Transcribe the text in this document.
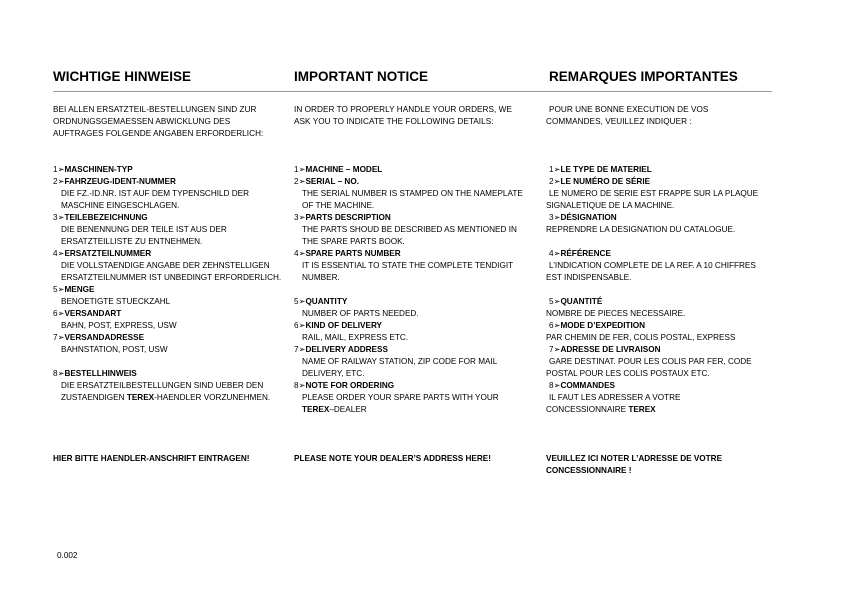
WICHTIGE HINWEISE

BEI ALLEN ERSATZTEIL-BESTELLUNGEN SIND ZUR ORDNUNGSGEMAESSEN ABWICKLUNG DES AUFTRAGES FOLGENDE ANGABEN ERFORDERLICH:

1➢MASCHINEN-TYP
2➢FAHRZEUG-IDENT-NUMMER
DIE FZ.-ID.NR. IST AUF DEM TYPENSCHILD DER MASCHINE EINGESCHLAGEN.
3➢TEILEBEZEICHNUNG
DIE BENENNUNG DER TEILE IST AUS DER ERSATZTEILLISTE ZU ENTNEHMEN.
4➢ERSATZTEILNUMMER
DIE VOLLSTAENDIGE ANGABE DER ZEHNSTELLIGEN ERSATZTEILNUMMER IST UNBEDINGT ERFORDERLICH.
5➢MENGE
BENOETIGTE STUECKZAHL
6➢VERSANDART
BAHN, POST, EXPRESS, USW
7➢VERSANDADRESSE
BAHNSTATION, POST, USW
8➢BESTELLHINWEIS
DIE ERSATZTEILBESTELLUNGEN SIND UEBER DEN ZUSTAENDIGEN TEREX-HAENDLER VORZUNEHMEN.

HIER BITTE HAENDLER-ANSCHRIFT EINTRAGEN!

IMPORTANT NOTICE

IN ORDER TO PROPERLY HANDLE YOUR ORDERS, WE ASK YOU TO INDICATE THE FOLLOWING DETAILS:

1➢MACHINE – MODEL
2➢SERIAL – NO.
THE SERIAL NUMBER IS STAMPED ON THE NAMEPLATE OF THE MACHINE.
3➢PARTS DESCRIPTION
THE PARTS SHOUD BE DESCRIBED AS MENTIONED IN THE SPARE PARTS BOOK.
4➢SPARE PARTS NUMBER
IT IS ESSENTIAL TO STATE THE COMPLETE TENDIGIT NUMBER.
5➢QUANTITY
NUMBER OF PARTS NEEDED.
6➢KIND OF DELIVERY
RAIL, MAIL, EXPRESS ETC.
7➢DELIVERY ADDRESS
NAME OF RAILWAY STATION, ZIP CODE FOR MAIL DELIVERY, ETC.
8➢NOTE FOR ORDERING
PLEASE ORDER YOUR SPARE PARTS WITH YOUR TEREX–DEALER

PLEASE NOTE YOUR DEALER’S ADDRESS HERE!

REMARQUES IMPORTANTES

POUR UNE BONNE EXECUTION DE VOS COMMANDES, VEUILLEZ INDIQUER :

1➢LE TYPE DE MATERIEL
2➢LE NUMÉRO DE SÉRIE
LE NUMERO DE SERIE EST FRAPPE SUR LA PLAQUE SIGNALETIQUE DE LA MACHINE.
3➢DÉSIGNATION
REPRENDRE LA DESIGNATION DU CATALOGUE.
4➢RÉFÉRENCE
L’INDICATION COMPLETE DE LA REF. A 10 CHIFFRES EST INDISPENSABLE.
5➢QUANTITÉ
NOMBRE DE PIECES NECESSAIRE.
6➢MODE D’EXPEDITION
PAR CHEMIN DE FER, COLIS POSTAL, EXPRESS
7➢ADRESSE DE LIVRAISON
GARE DESTINAT. POUR LES COLIS PAR FER, CODE POSTAL POUR LES COLIS POSTAUX ETC.
8➢COMMANDES
IL FAUT LES ADRESSER A VOTRE CONCESSIONNAIRE TEREX

VEUILLEZ ICI NOTER L’ADRESSE DE VOTRE CONCESSIONNAIRE !

0.002
